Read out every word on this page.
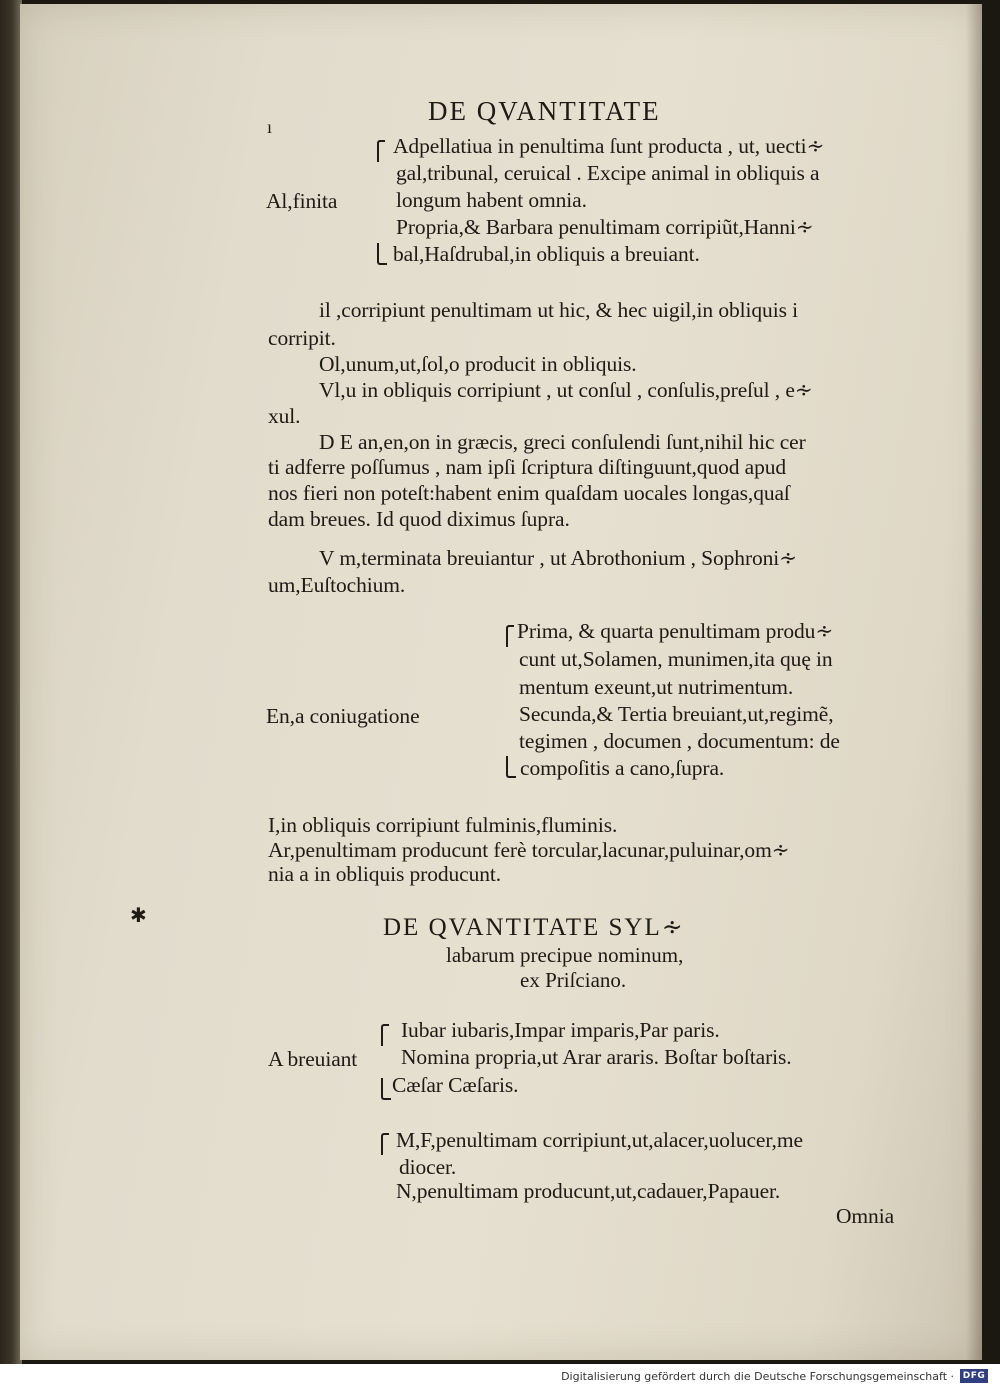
DE QVANTITATE
ı
Al,finita
Adpellatiua in penultima ſunt producta , ut, uecti∻
gal,tribunal, ceruical . Excipe animal in obliquis a
longum habent omnia.
Propria,& Barbara penultimam corripiũt,Hanni∻
bal,Haſdrubal,in obliquis a breuiant.
il ,corripiunt penultimam ut hic, & hec uigil,in obliquis i
corripit.
Ol,unum,ut,ſol,o producit in obliquis.
Vl,u in obliquis corripiunt , ut conſul , conſulis,preſul , e∻
xul.
D E an,en,on in græcis, greci conſulendi ſunt,nihil hic cer
ti adferre poſſumus , nam ipſi ſcriptura diſtinguunt,quod apud
nos fieri non poteſt:habent enim quaſdam uocales longas,quaſ
dam breues. Id quod diximus ſupra.
V m,terminata breuiantur , ut Abrothonium , Sophroni∻
um,Euſtochium.
En,a coniugatione
Prima, & quarta penultimam produ∻
cunt ut,Solamen, munimen,ita quę in
mentum exeunt,ut nutrimentum.
Secunda,& Tertia breuiant,ut,regimẽ,
tegimen , documen , documentum: de
compoſitis a cano,ſupra.
I,in obliquis corripiunt fulminis,fluminis.
Ar,penultimam producunt ferè torcular,lacunar,puluinar,om∻
nia a in obliquis producunt.
✱	DE QVANTITATE SYL∻
labarum precipue nominum,
ex Priſciano.
A breuiant
Iubar iubaris,Impar imparis,Par paris.
Nomina propria,ut Arar araris. Boſtar boſtaris.
Cæſar Cæſaris.
M,F,penultimam corripiunt,ut,alacer,uolucer,me
diocer.
N,penultimam producunt,ut,cadauer,Papauer.
Omnia
Digitalisierung gefördert durch die Deutsche Forschungsgemeinschaft · DFG
